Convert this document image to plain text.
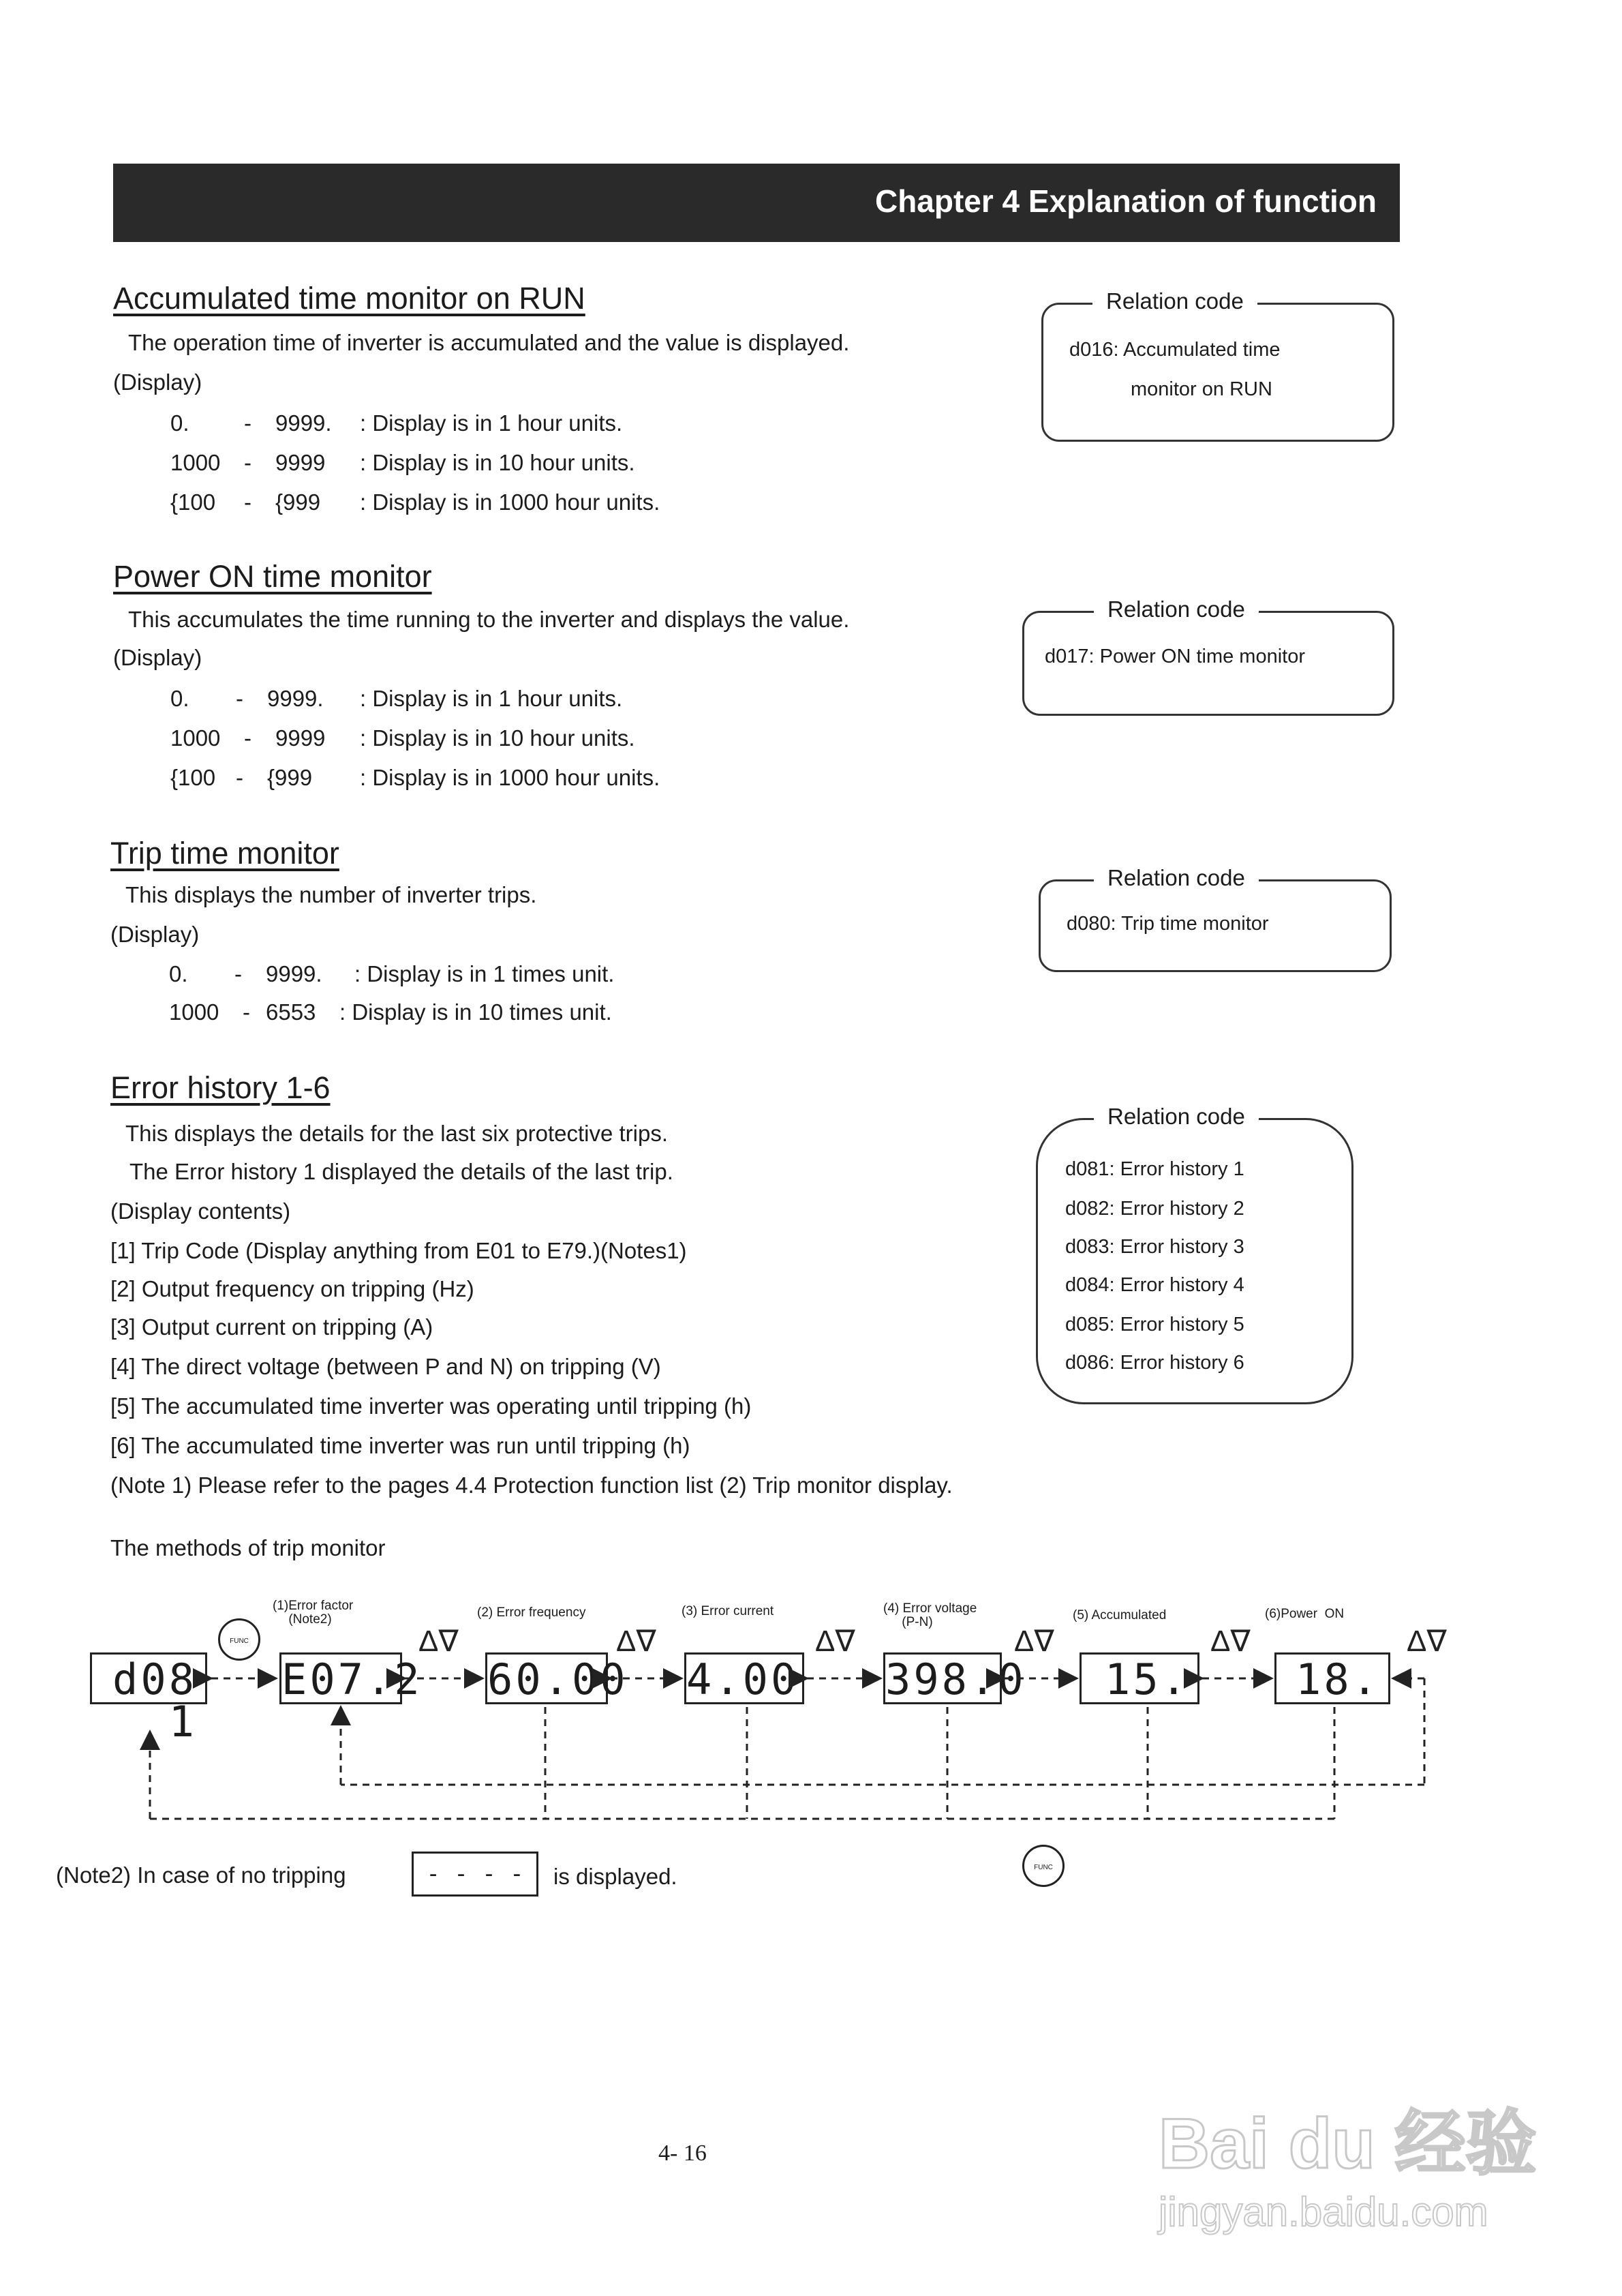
Chapter 4 Explanation of function
Accumulated time monitor on RUN
The operation time of inverter is accumulated and the value is displayed.
(Display)
0. - 9999. : Display is in 1 hour units.
1000 - 9999 : Display is in 10 hour units.
{100 - {999 : Display is in 1000 hour units.
Relation code
d016: Accumulated time
monitor on RUN
Power ON time monitor
This accumulates the time running to the inverter and displays the value.
(Display)
0. - 9999. : Display is in 1 hour units.
1000 - 9999 : Display is in 10 hour units.
{100 - {999 : Display is in 1000 hour units.
Relation code
d017: Power ON time monitor
Trip time monitor
This displays the number of inverter trips.
(Display)
0. - 9999. : Display is in 1 times unit.
1000 - 6553 : Display is in 10 times unit.
Relation code
d080: Trip time monitor
Error history 1-6
This displays the details for the last six protective trips.
The Error history 1 displayed the details of the last trip.
(Display contents)
[1] Trip Code (Display anything from E01 to E79.)(Notes1)
[2] Output frequency on tripping (Hz)
[3] Output current on tripping (A)
[4] The direct voltage (between P and N) on tripping (V)
[5] The accumulated time inverter was operating until tripping (h)
[6] The accumulated time inverter was run until tripping (h)
(Note 1) Please refer to the pages 4.4 Protection function list (2) Trip monitor display.
Relation code
d081: Error history 1
d082: Error history 2
d083: Error history 3
d084: Error history 4
d085: Error history 5
d086: Error history 6
The methods of trip monitor
(1)Error factor
(Note2)	(2) Error frequency	(3) Error current	(4) Error voltage
(P-N)	(5) Accumulated	(6)Power  ON
FUNC	Δ∇	Δ∇	Δ∇	Δ∇	Δ∇	Δ∇
d08 1
E07.2 60.00 4.00 398.0	15.	18.
FUNC
(Note2) In case of no tripping	- - - -	is displayed.
4- 16	Bai du 经验
jingyan.baidu.com
